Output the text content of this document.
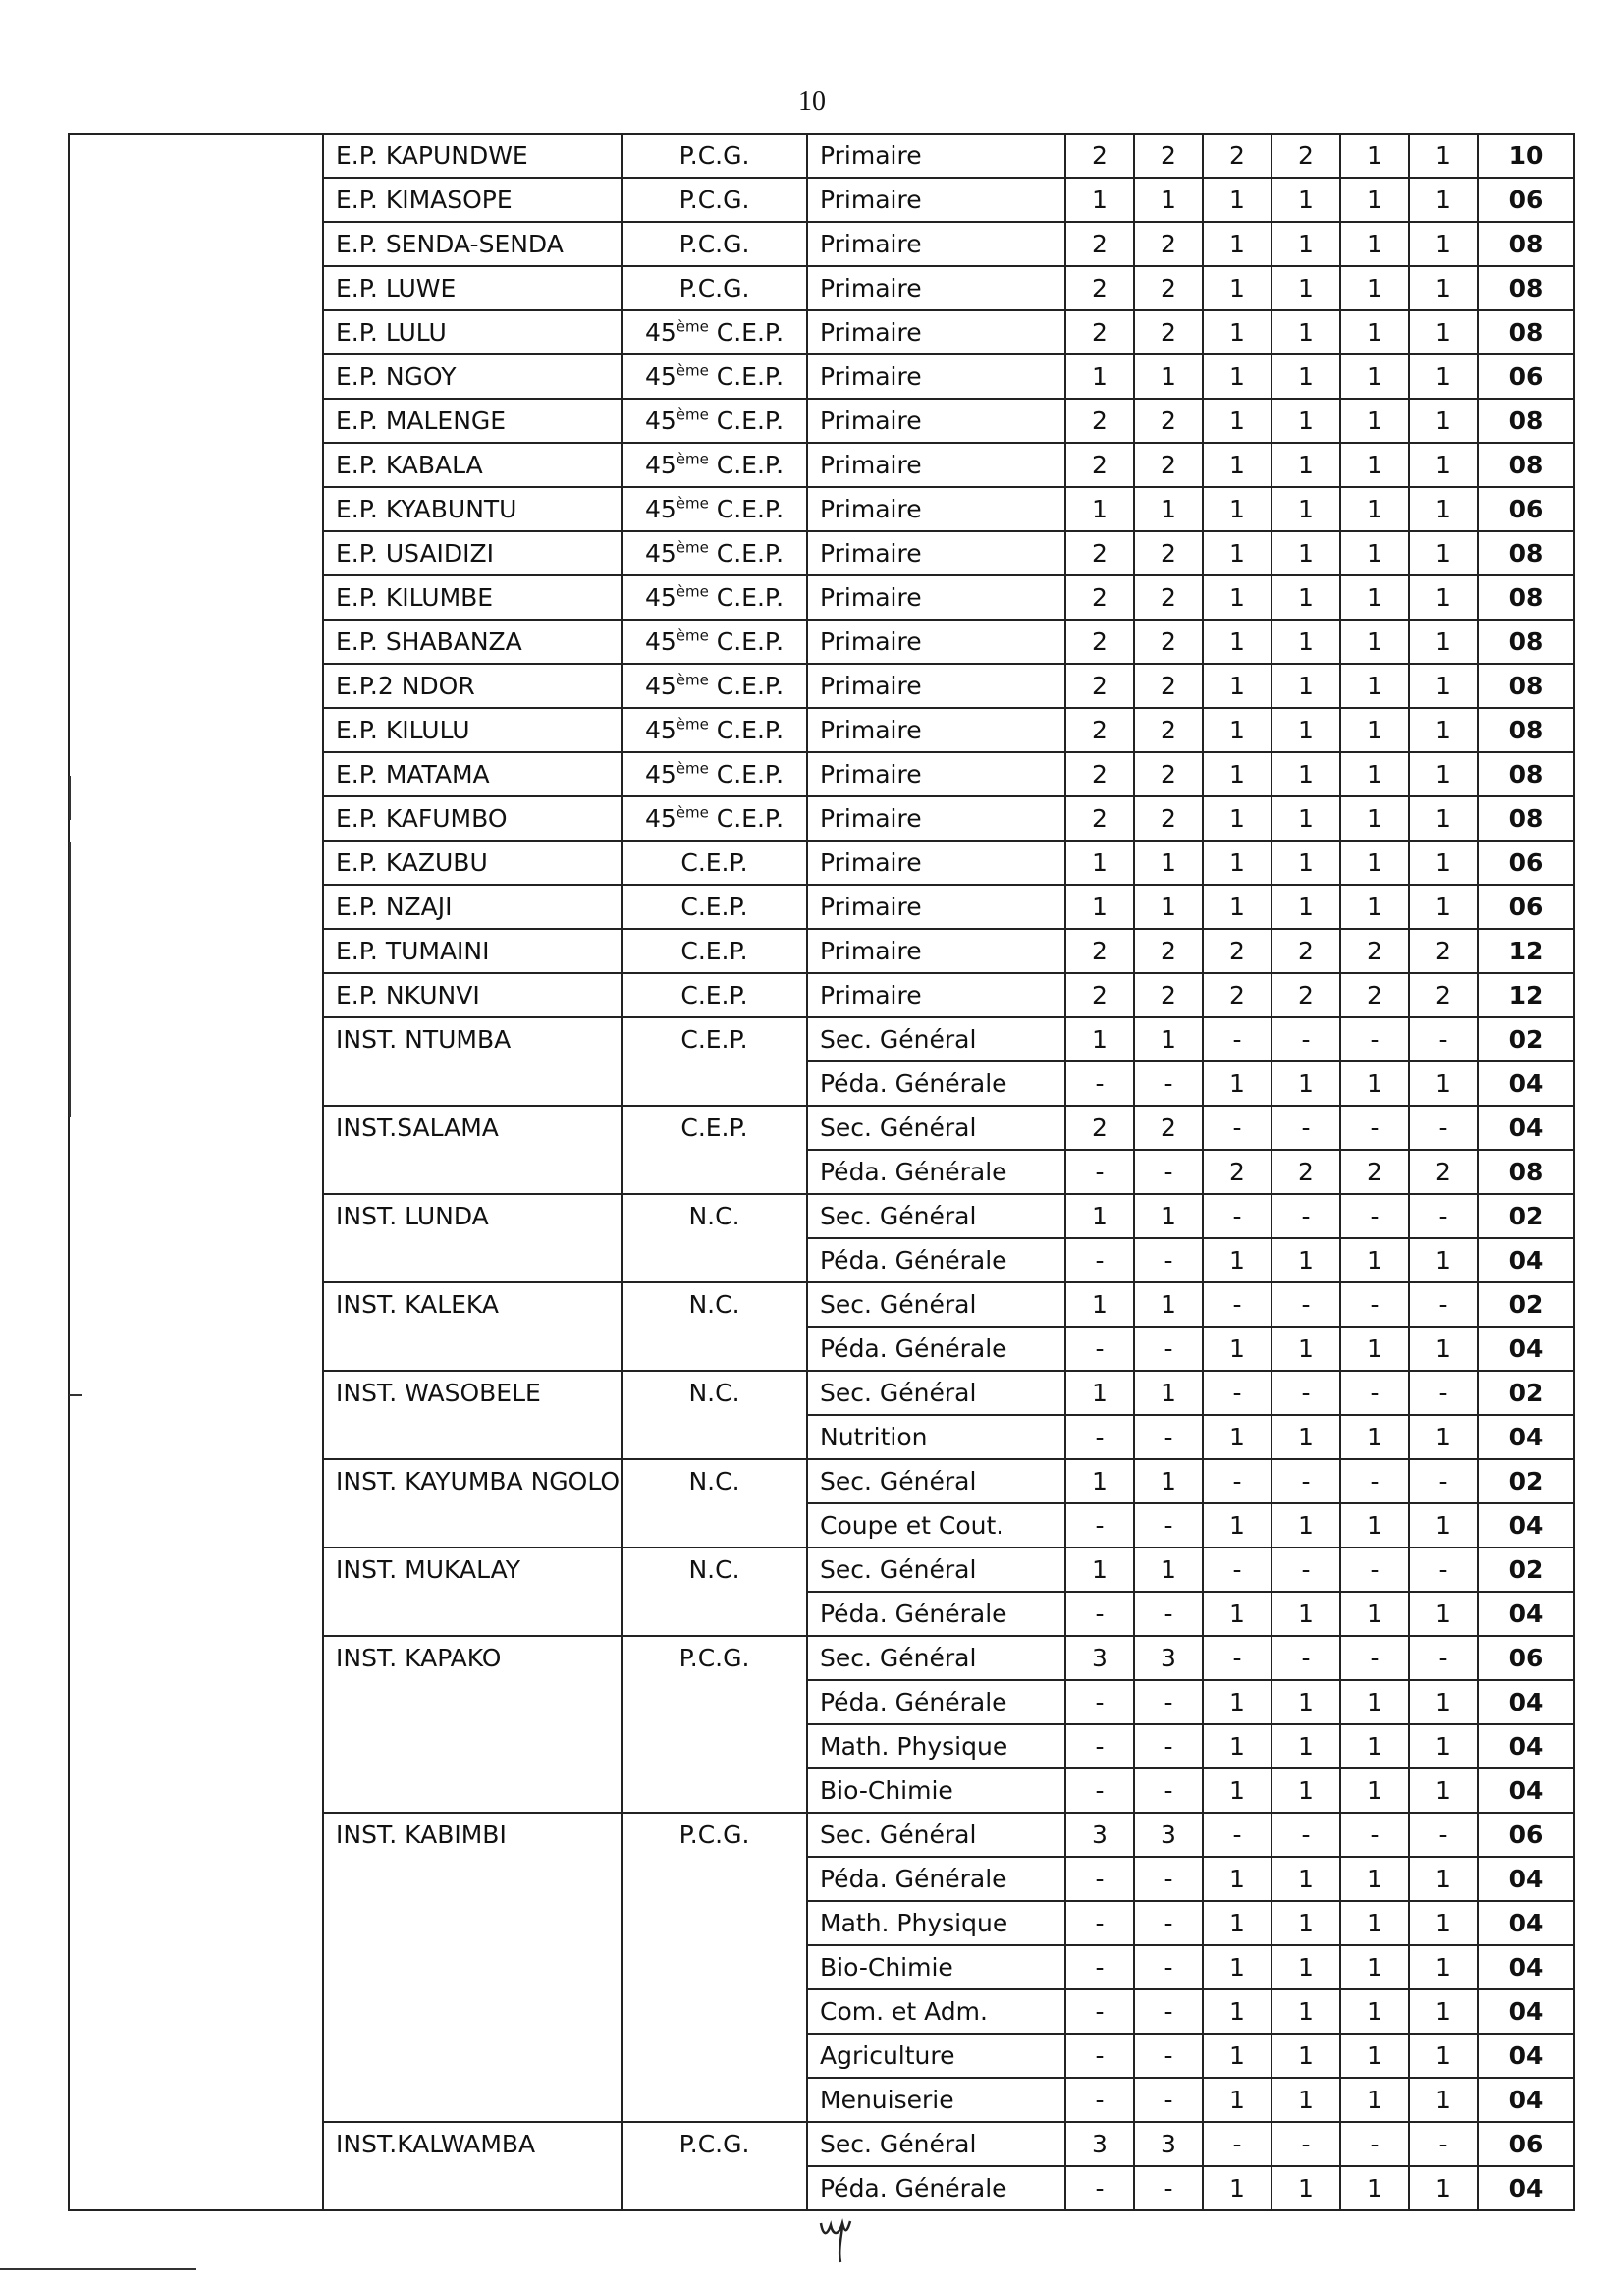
10
	E.P. KAPUNDWE	P.C.G.	Primaire	2	2	2	2	1	1	10
	E.P. KIMASOPE	P.C.G.	Primaire	1	1	1	1	1	1	06
	E.P. SENDA-SENDA	P.C.G.	Primaire	2	2	1	1	1	1	08
	E.P. LUWE	P.C.G.	Primaire	2	2	1	1	1	1	08
	E.P. LULU	45ème C.E.P.	Primaire	2	2	1	1	1	1	08
	E.P. NGOY	45ème C.E.P.	Primaire	1	1	1	1	1	1	06
	E.P. MALENGE	45ème C.E.P.	Primaire	2	2	1	1	1	1	08
	E.P. KABALA	45ème C.E.P.	Primaire	2	2	1	1	1	1	08
	E.P. KYABUNTU	45ème C.E.P.	Primaire	1	1	1	1	1	1	06
	E.P. USAIDIZI	45ème C.E.P.	Primaire	2	2	1	1	1	1	08
	E.P. KILUMBE	45ème C.E.P.	Primaire	2	2	1	1	1	1	08
	E.P. SHABANZA	45ème C.E.P.	Primaire	2	2	1	1	1	1	08
	E.P.2 NDOR	45ème C.E.P.	Primaire	2	2	1	1	1	1	08
	E.P. KILULU	45ème C.E.P.	Primaire	2	2	1	1	1	1	08
	E.P. MATAMA	45ème C.E.P.	Primaire	2	2	1	1	1	1	08
	E.P. KAFUMBO	45ème C.E.P.	Primaire	2	2	1	1	1	1	08
	E.P. KAZUBU	C.E.P.	Primaire	1	1	1	1	1	1	06
	E.P. NZAJI	C.E.P.	Primaire	1	1	1	1	1	1	06
	E.P. TUMAINI	C.E.P.	Primaire	2	2	2	2	2	2	12
	E.P. NKUNVI	C.E.P.	Primaire	2	2	2	2	2	2	12
	INST. NTUMBA	C.E.P.	Sec. Général	1	1	-	-	-	-	02
			Péda. Générale	-	-	1	1	1	1	04
	INST.SALAMA	C.E.P.	Sec. Général	2	2	-	-	-	-	04
			Péda. Générale	-	-	2	2	2	2	08
	INST. LUNDA	N.C.	Sec. Général	1	1	-	-	-	-	02
			Péda. Générale	-	-	1	1	1	1	04
	INST. KALEKA	N.C.	Sec. Général	1	1	-	-	-	-	02
			Péda. Générale	-	-	1	1	1	1	04
	INST. WASOBELE	N.C.	Sec. Général	1	1	-	-	-	-	02
			Nutrition	-	-	1	1	1	1	04
	INST. KAYUMBA NGOLO	N.C.	Sec. Général	1	1	-	-	-	-	02
			Coupe et Cout.	-	-	1	1	1	1	04
	INST. MUKALAY	N.C.	Sec. Général	1	1	-	-	-	-	02
			Péda. Générale	-	-	1	1	1	1	04
	INST. KAPAKO	P.C.G.	Sec. Général	3	3	-	-	-	-	06
			Péda. Générale	-	-	1	1	1	1	04
			Math. Physique	-	-	1	1	1	1	04
			Bio-Chimie	-	-	1	1	1	1	04
	INST. KABIMBI	P.C.G.	Sec. Général	3	3	-	-	-	-	06
			Péda. Générale	-	-	1	1	1	1	04
			Math. Physique	-	-	1	1	1	1	04
			Bio-Chimie	-	-	1	1	1	1	04
			Com. et Adm.	-	-	1	1	1	1	04
			Agriculture	-	-	1	1	1	1	04
			Menuiserie	-	-	1	1	1	1	04
	INST.KALWAMBA	P.C.G.	Sec. Général	3	3	-	-	-	-	06
			Péda. Générale	-	-	1	1	1	1	04
